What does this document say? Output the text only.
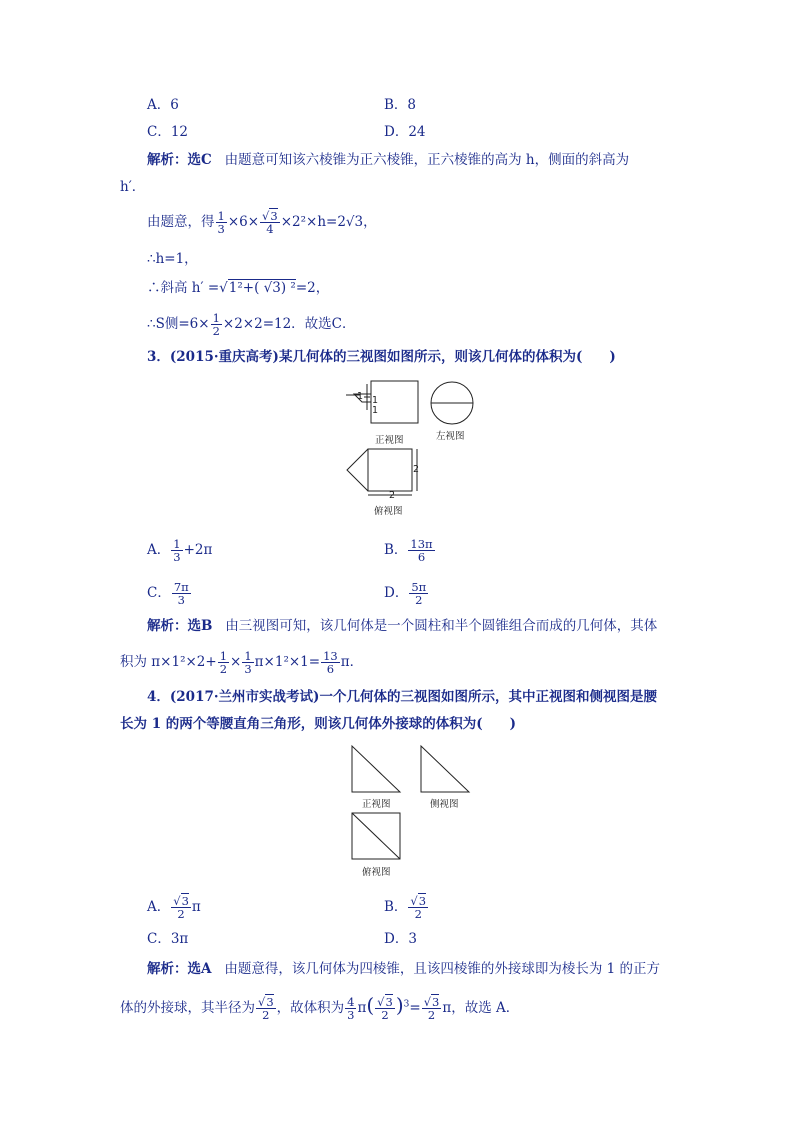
A．6	B．8
C．12	D．24
解析：选C 由题意可知该六棱锥为正六棱锥，正六棱锥的高为 h，侧面的斜高为
h′．
由题意，得 $\frac{1}{3} \times 6\times \frac{√3}{4} \times 2^2\times h=2√3$，
∴h=1，
∴斜高 h′ =√1²+( √3) ²=2，
∴S侧$=6\times \frac{1}{2} \times 2\times 2=12$．故选C．
3．(2015·重庆高考)某几何体的三视图如图所示，则该几何体的体积为(　　)
1 1
1
正视图	左视图
2
2
俯视图
A． $\frac{1}{3} +2\pi$	B． $\frac{13\pi}{6}$
C． $\frac{7\pi}{3}$	D． $\frac{5\pi}{2}$
解析：选B 由三视图可知，该几何体是一个圆柱和半个圆锥组合而成的几何体，其体
积为 $\pi\times 1^2\times 2+ \frac{1}{2} \times \frac{1}{3} \pi\times 1^2\times 1= \frac{13}{6}$ π．
4．(2017·兰州市实战考试)一个几何体的三视图如图所示，其中正视图和侧视图是腰
长为 1 的两个等腰直角三角形，则该几何体外接球的体积为(　　)
正视图	侧视图
俯视图
A． $\frac{√3}{2}$ π	B． $\frac{√3}{2}$
C．3π	D．3
解析：选A 由题意得，该几何体为四棱锥，且该四棱锥的外接球即为棱长为 1 的正方
体的外接球，其半径为 $\frac{√3}{2}$ ，故体积为 $\frac{4}{3} \pi( \frac{√3}{2} )^3= \frac{√3}{2}$ π，故选 A．
